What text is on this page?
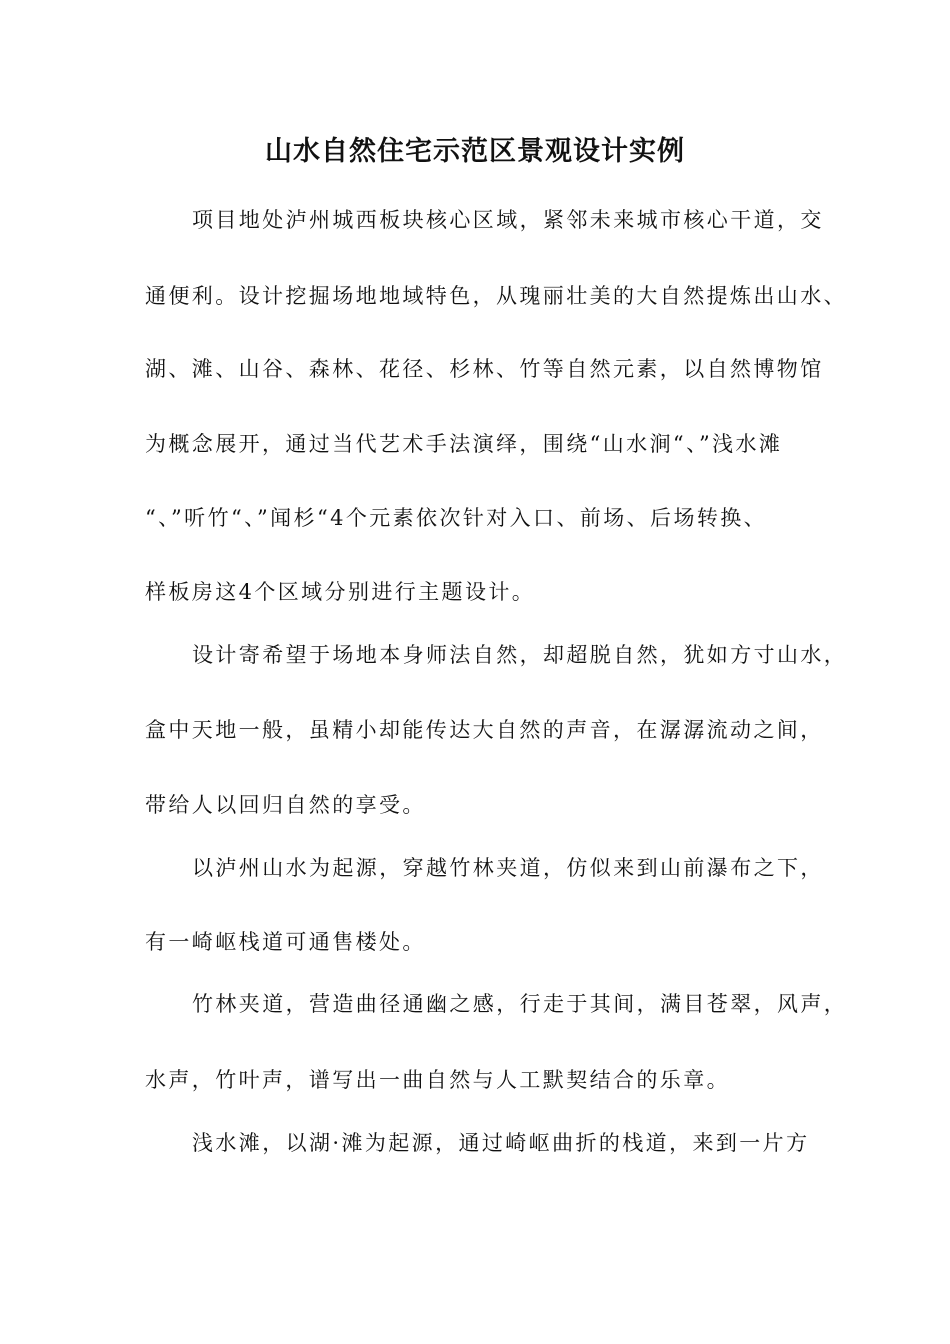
山水自然住宅示范区景观设计实例
项目地处泸州城西板块核心区域，紧邻未来城市核心干道，交
通便利。设计挖掘场地地域特色，从瑰丽壮美的大自然提炼出山水、
湖、滩、山谷、森林、花径、杉林、竹等自然元素，以自然博物馆
为概念展开，通过当代艺术手法演绎，围绕“山水涧“、”浅水滩
“、”听竹“、”闻杉“4个元素依次针对入口、前场、后场转换、
样板房这4个区域分别进行主题设计。
设计寄希望于场地本身师法自然，却超脱自然，犹如方寸山水，
盒中天地一般，虽精小却能传达大自然的声音，在潺潺流动之间，
带给人以回归自然的享受。
以泸州山水为起源，穿越竹林夹道，仿似来到山前瀑布之下，
有一崎岖栈道可通售楼处。
竹林夹道，营造曲径通幽之感，行走于其间，满目苍翠，风声，
水声，竹叶声，谱写出一曲自然与人工默契结合的乐章。
浅水滩，以湖·滩为起源，通过崎岖曲折的栈道，来到一片方
